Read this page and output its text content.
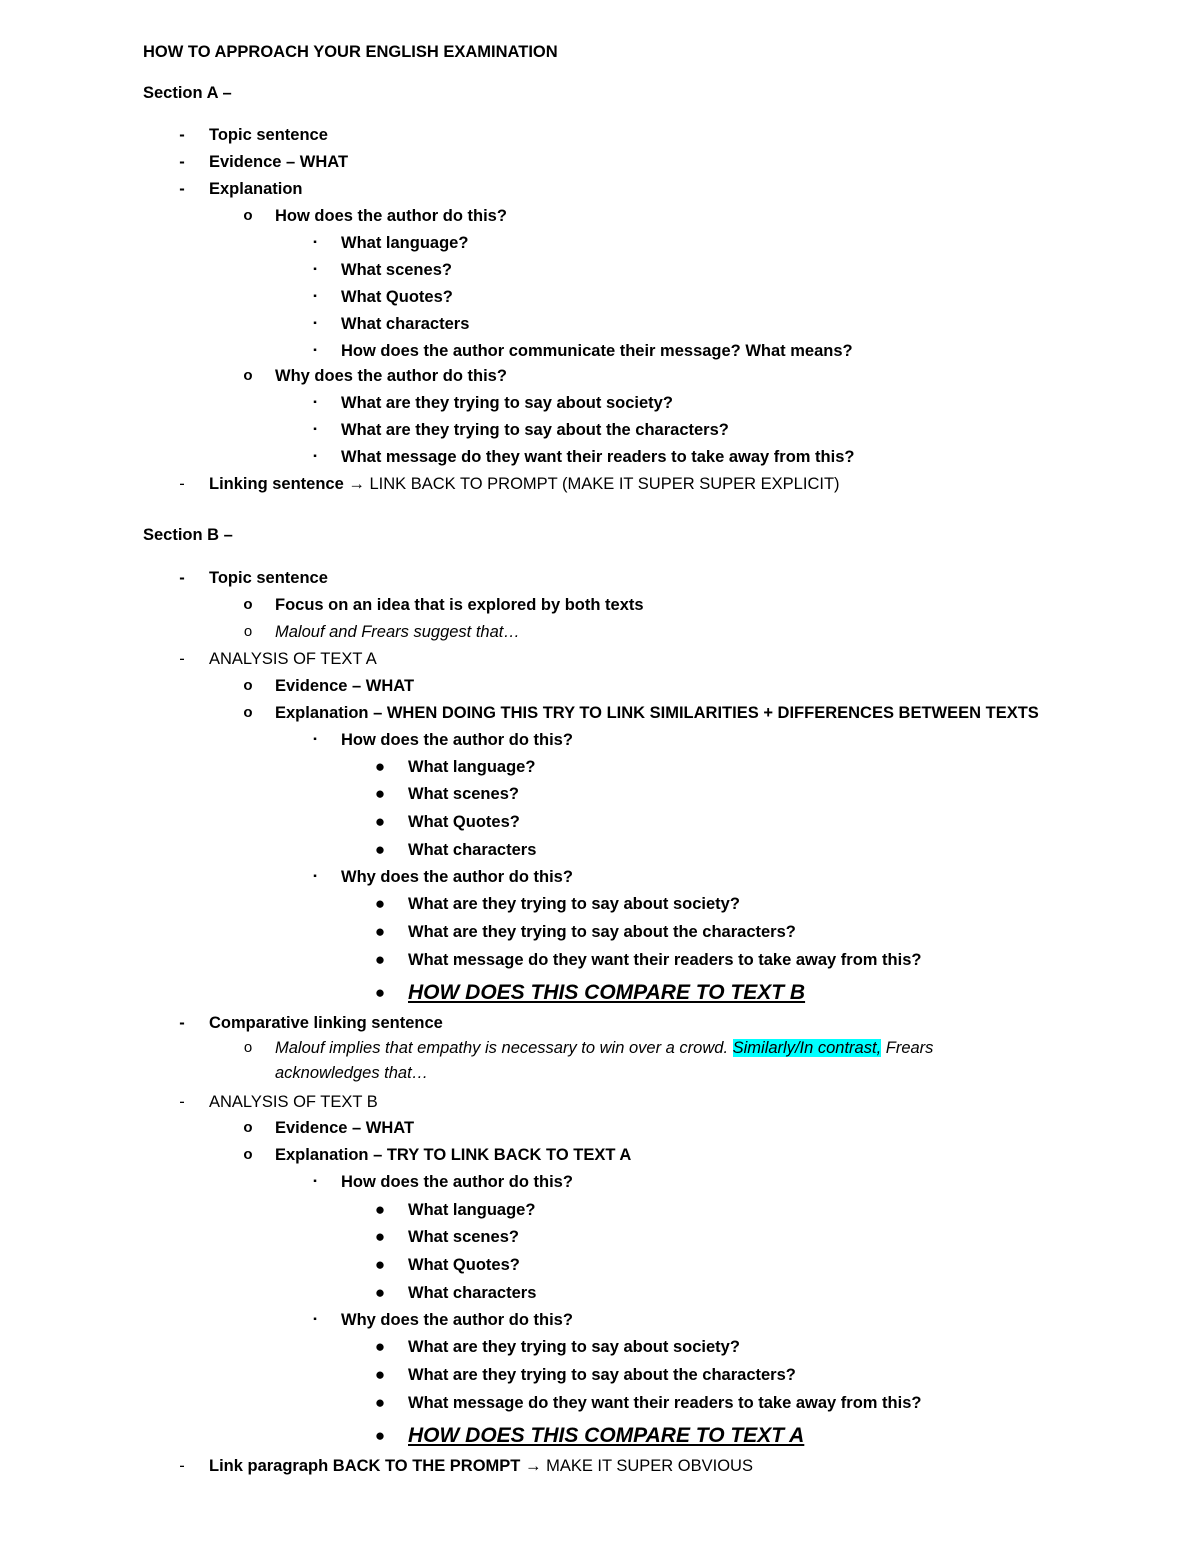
HOW TO APPROACH YOUR ENGLISH EXAMINATION
Section A –
-	Topic sentence
-	Evidence – WHAT
-	Explanation
o	How does the author do this?
▪	What language?
▪	What scenes?
▪	What Quotes?
▪	What characters
▪	How does the author communicate their message? What means?
o	Why does the author do this?
▪	What are they trying to say about society?
▪	What are they trying to say about the characters?
▪	What message do they want their readers to take away from this?
-	Linking sentence → LINK BACK TO PROMPT (MAKE IT SUPER SUPER EXPLICIT)
Section B –
-	Topic sentence
o	Focus on an idea that is explored by both texts
o	Malouf and Frears suggest that…
-	ANALYSIS OF TEXT A
o	Evidence – WHAT
o	Explanation – WHEN DOING THIS TRY TO LINK SIMILARITIES + DIFFERENCES BETWEEN TEXTS
▪	How does the author do this?
● What language?
● What scenes?
● What Quotes?
● What characters
▪	Why does the author do this?
● What are they trying to say about society?
● What are they trying to say about the characters?
● What message do they want their readers to take away from this?
● HOW DOES THIS COMPARE TO TEXT B
-	Comparative linking sentence
o	Malouf implies that empathy is necessary to win over a crowd. Similarly/In contrast, Frears
acknowledges that…
-	ANALYSIS OF TEXT B
o	Evidence – WHAT
o	Explanation – TRY TO LINK BACK TO TEXT A
▪	How does the author do this?
● What language?
● What scenes?
● What Quotes?
● What characters
▪	Why does the author do this?
● What are they trying to say about society?
● What are they trying to say about the characters?
● What message do they want their readers to take away from this?
● HOW DOES THIS COMPARE TO TEXT A
-	Link paragraph BACK TO THE PROMPT → MAKE IT SUPER OBVIOUS
